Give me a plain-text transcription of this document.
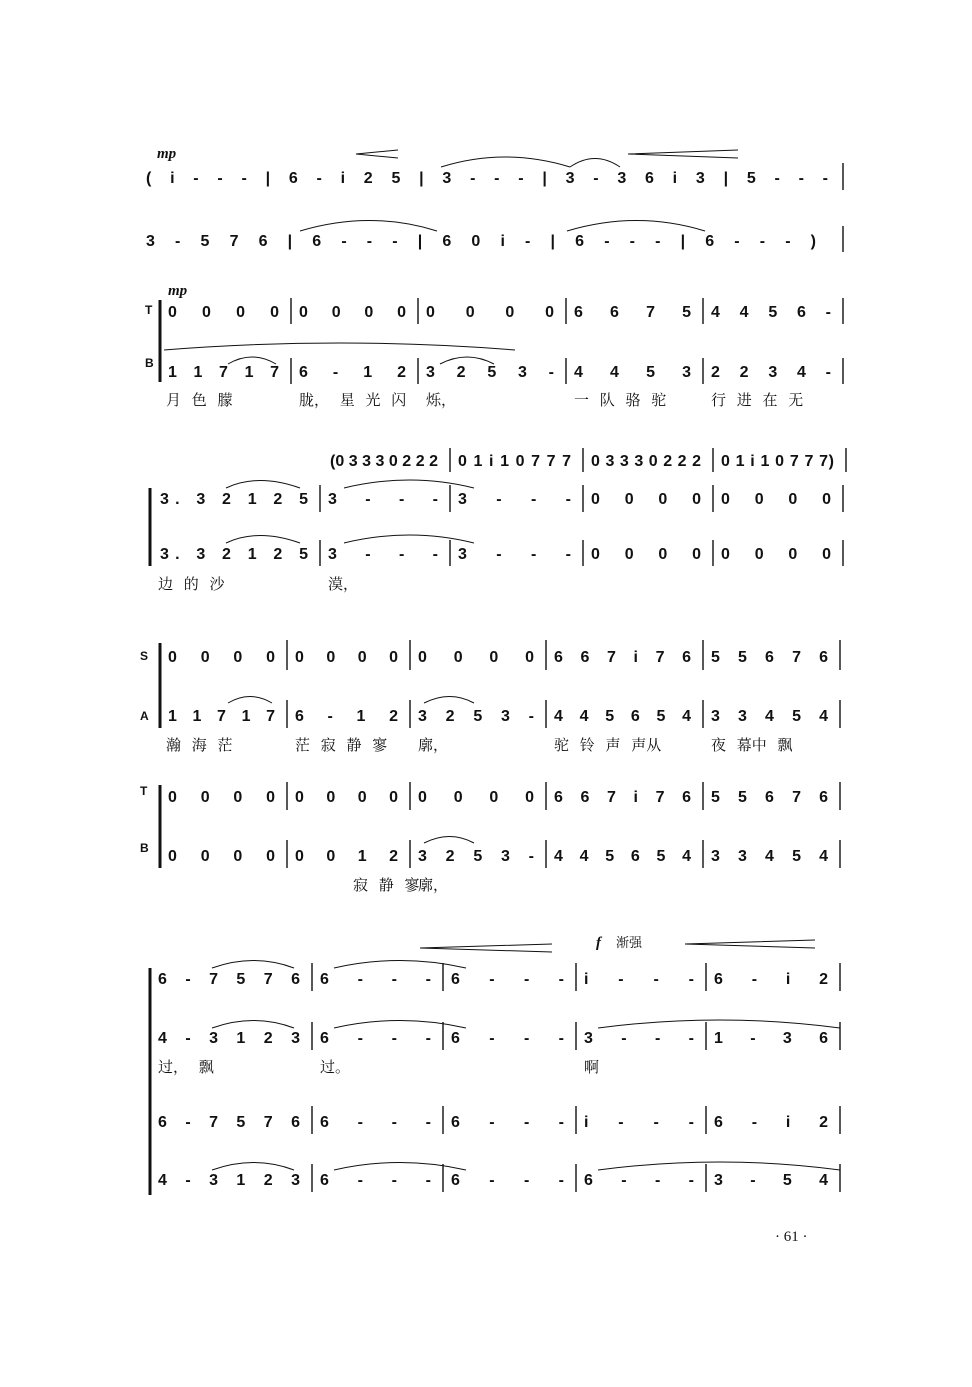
mp
( i - - - | 6 - i 2 5 | 3 - - - | 3 - 3 6 i 3 | 5 - - -
3 - 5 7 6 | 6 - - - | 6 0 i - | 6 - - - | 6 - - - )
mp
T
B
0 0 0 0 0 0 0 0 0 0 0 0 6 6 7 5 4 4 5 6 -
1 1 7 1 7 6 - 1 2 3 2 5 3 - 4 4 5 3 2 2 3 4 -
月 色 朦	胧， 星 光 闪 烁，	一 队 骆 驼	行 进 在 无
(0 3 3 3 0 2 2 2 0 1 i 1 0 7 7 7 0 3 3 3 0 2 2 2 0 1 i 1 0 7 7 7)
3. 3 2 1 2 5 3 - - - 3 - - - 0 0 0 0 0 0 0 0
3. 3 2 1 2 5 3 - - - 3 - - - 0 0 0 0 0 0 0 0
边 的 沙	漠，
S
A
T
B
0 0 0 0 0 0 0 0 0 0 0 0 6 6 7 i 7 6 5 5 6 7 6
1 1 7 1 7 6 - 1 2 3 2 5 3 - 4 4 5 6 5 4 3 3 4 5 4
瀚 海 茫	茫 寂 静 寥 廓，	驼 铃 声 声从	夜 幕中 飘
0 0 0 0 0 0 0 0 0 0 0 0 6 6 7 i 7 6 5 5 6 7 6
0 0 0 0 0 0 1 2 3 2 5 3 - 4 4 5 6 5 4 3 3 4 5 4
寂 静 寥
廓，
f 渐强
6 - 7 5 7 6 6 - - - 6 - - - i - - - 6 - i 2
4 - 3 1 2 3 6 - - - 6 - - - 3 - - - 1 - 3 6
过， 飘	过。	啊
6 - 7 5 7 6 6 - - - 6 - - - i - - - 6 - i 2
4 - 3 1 2 3 6 - - - 6 - - - 6 - - - 3 - 5 4
· 61 ·
